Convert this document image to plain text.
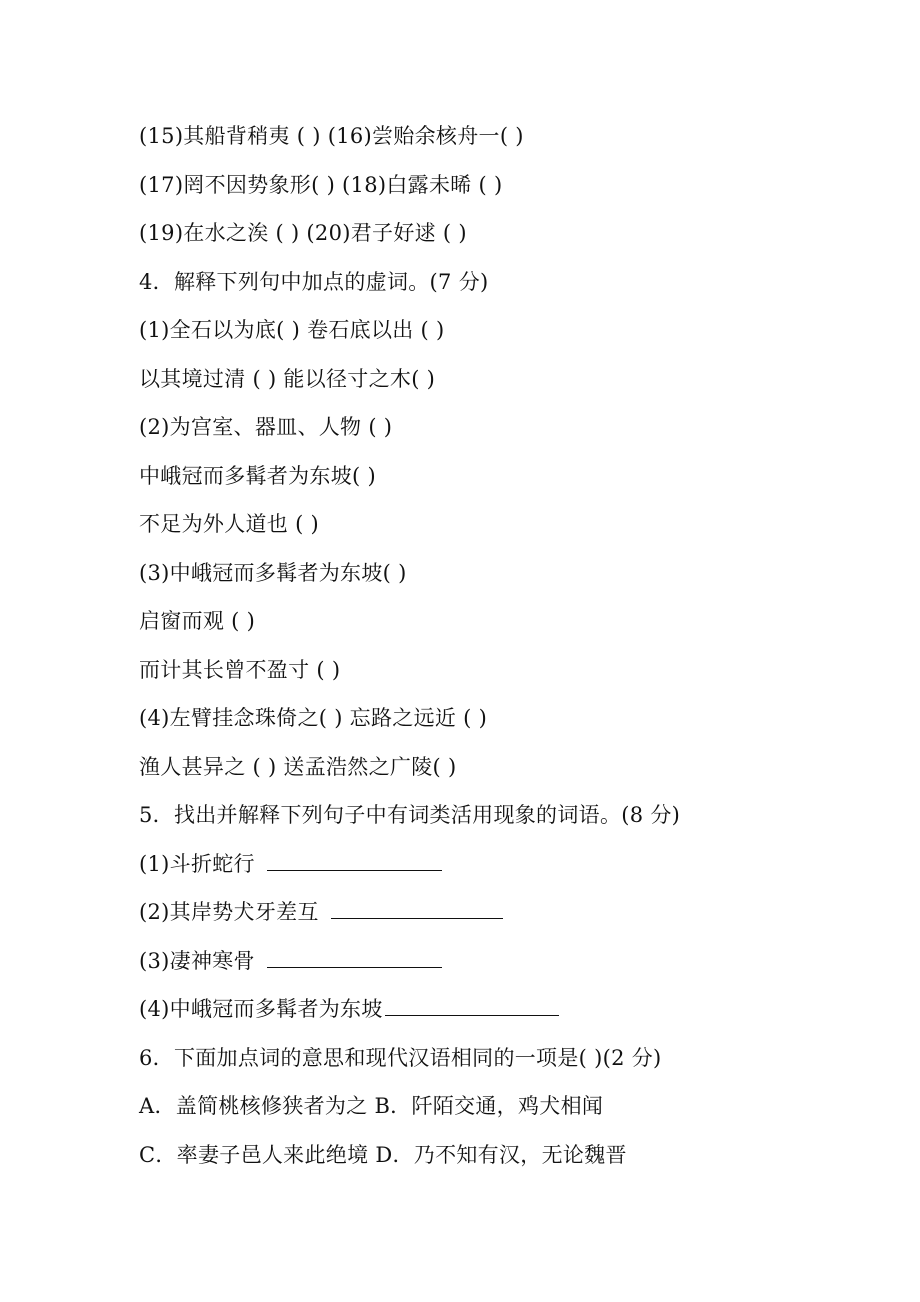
(15)其船背稍夷 ( ) (16)尝贻余核舟一( )
(17)罔不因势象形( ) (18)白露未晞 ( )
(19)在水之涘 ( ) (20)君子好逑 ( )
4．解释下列句中加点的虚词。(7 分)
(1)全石以为底( ) 卷石底以出 ( )
以其境过清 ( ) 能以径寸之木( )
(2)为宫室、器皿、人物 ( )
中峨冠而多髯者为东坡( )
不足为外人道也 ( )
(3)中峨冠而多髯者为东坡( )
启窗而观 ( )
而计其长曾不盈寸 ( )
(4)左臂挂念珠倚之( ) 忘路之远近 ( )
渔人甚异之 ( ) 送孟浩然之广陵( )
5．找出并解释下列句子中有词类活用现象的词语。(8 分)
(1)斗折蛇行
(2)其岸势犬牙差互
(3)凄神寒骨
(4)中峨冠而多髯者为东坡
6．下面加点词的意思和现代汉语相同的一项是( )(2 分)
A．盖简桃核修狭者为之 B．阡陌交通，鸡犬相闻
C．率妻子邑人来此绝境 D．乃不知有汉，无论魏晋
